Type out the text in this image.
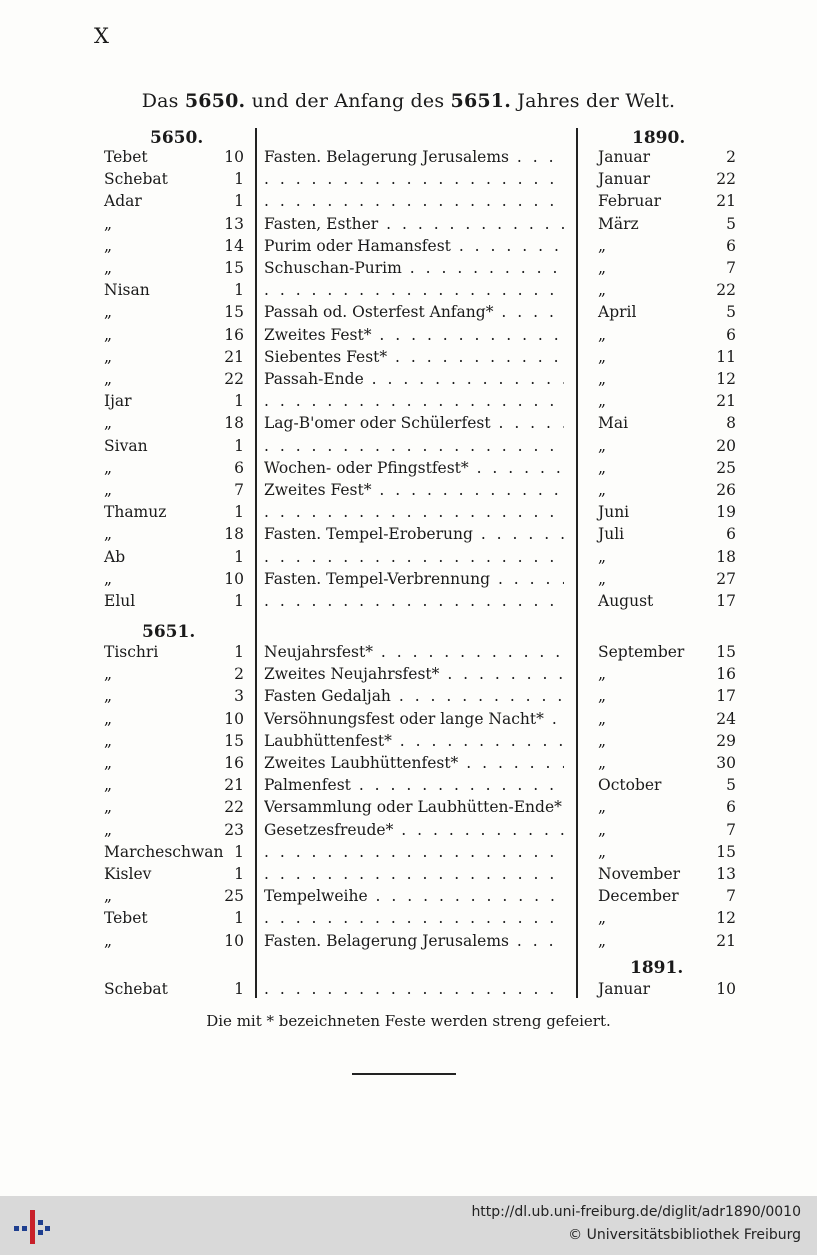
X
Das 5650. und der Anfang des 5651. Jahres der Welt.
5650.	1890.
Tebet	10 Fasten. Belagerung Jerusalems . . .	Januar	2
Schebat	1 . . .	Januar	22
Adar	1 . . .	Februar	21
„	13 Fasten, Esther . . .	März	5
„	14 Purim oder Hamansfest . . .	„	6
„	15 Schuschan-Purim . . .	„	7
Nisan	1 . . .	„	22
„	15 Passah od. Osterfest Anfang* . . .	April	5
„	16 Zweites Fest* . . .	„	6
„	21 Siebentes Fest* . . .	„	11
„	22 Passah-Ende . . .	„	12
Ijar	1 . . .	„	21
„	18 Lag-B'omer oder Schülerfest . . .	Mai	8
Sivan	1 . . .	„	20
„	6 Wochen- oder Pfingstfest* . . .	„	25
„	7 Zweites Fest* . . .	„	26
Thamuz	1 . . .	Juni	19
„	18 Fasten. Tempel-Eroberung . . .	Juli	6
Ab	1 . . .	„	18
„	10 Fasten. Tempel-Verbrennung . . .	„	27
Elul	1 . . .	August	17
5651.
Tischri	1 Neujahrsfest* . . .	September 15
„	2 Zweites Neujahrsfest* . . .	„	16
„	3 Fasten Gedaljah . . .	„	17
„	10 Versöhnungsfest oder lange Nacht* . . .	„	24
„	15 Laubhüttenfest* . . .	„	29
„	16 Zweites Laubhüttenfest* . . .	„	30
„	21 Palmenfest . . .	October	5
„	22 Versammlung oder Laubhütten-Ende* . . . „	6
„	23 Gesetzesfreude* . . .	„	7
Marcheschwan 1 . . .	„	15
Kislev	1 . . .	November 13
„	25 Tempelweihe . . .	December	7
Tebet	1 . . .	„	12
„	10 Fasten. Belagerung Jerusalems . . .	„	21
1891.
Schebat	1 . . .	Januar	10
Die mit * bezeichneten Feste werden streng gefeiert.
http://dl.ub.uni-freiburg.de/diglit/adr1890/0010
© Universitätsbibliothek Freiburg
